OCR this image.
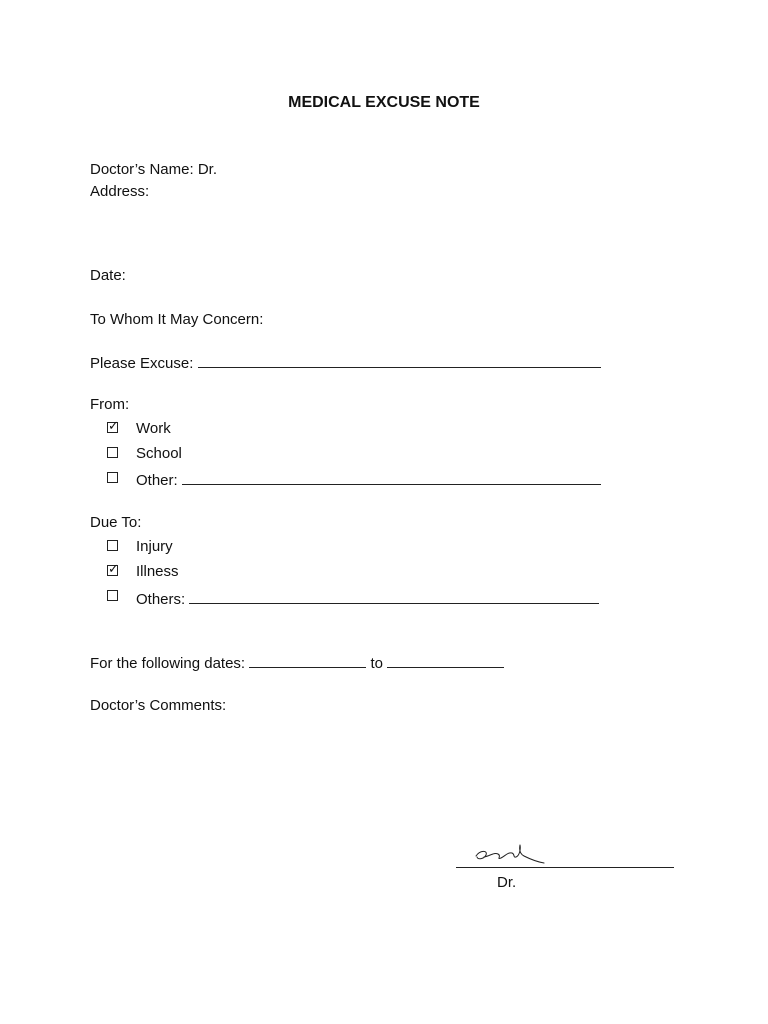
MEDICAL EXCUSE NOTE
Doctor’s Name: Dr.
Address:
Date:
To Whom It May Concern:
Please Excuse:
From:
✓ Work
School
Other:
Due To:
Injury
✓ Illness
Others:
For the following dates:	to
Doctor’s Comments:
Dr.
